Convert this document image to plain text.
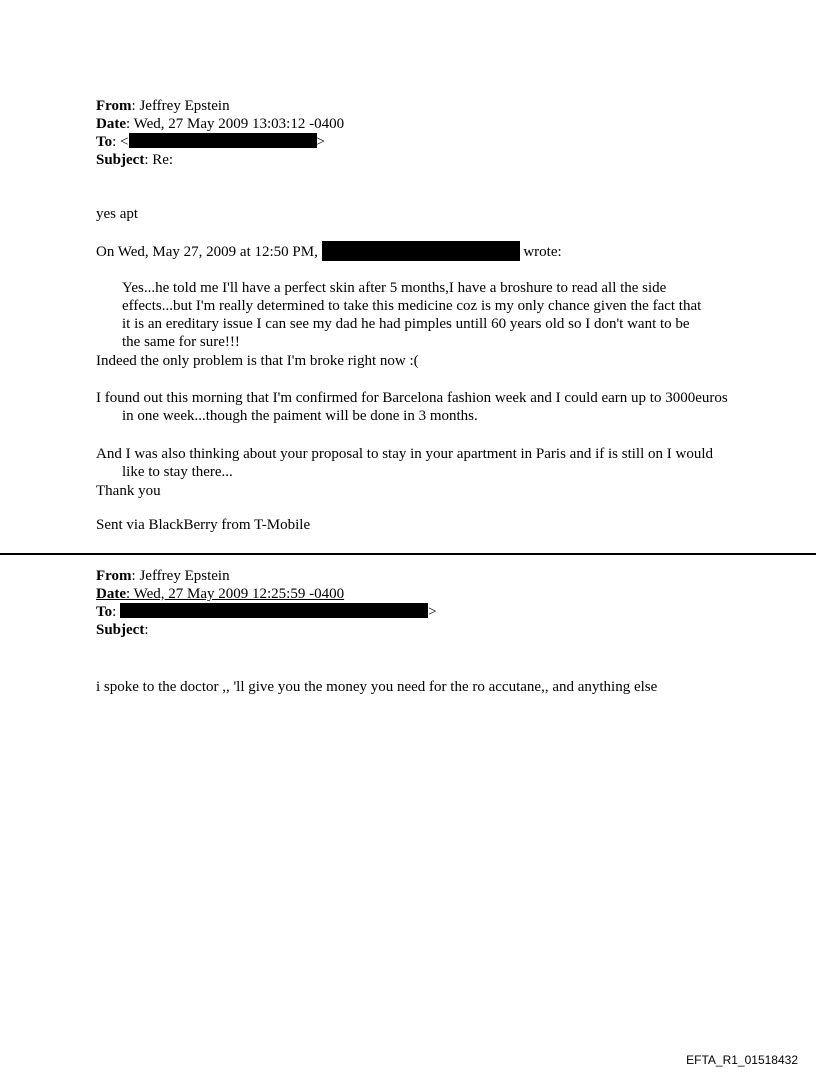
From: Jeffrey Epstein
Date: Wed, 27 May 2009 13:03:12 -0400
To: <	>
Subject: Re:
yes apt
On Wed, May 27, 2009 at 12:50 PM,	wrote:
Yes...he told me I'll have a perfect skin after 5 months,I have a broshure to read all the side effects...but I'm really determined to take this medicine coz is my only chance given the fact that it is an ereditary issue I can see my dad he had pimples untill 60 years old so I don't want to be the same for sure!!!
Indeed the only problem is that I'm broke right now :(
I found out this morning that I'm confirmed for Barcelona fashion week and I could earn up to 3000euros in one week...though the paiment will be done in 3 months.
And I was also thinking about your proposal to stay in your apartment in Paris and if is still on I would like to stay there...
Thank you
Sent via BlackBerry from T-Mobile
From: Jeffrey Epstein
Date: Wed, 27 May 2009 12:25:59 -0400
To:	>
Subject:
i spoke to the doctor ,, 'll give you the money you need for the ro accutane,, and anything else
EFTA_R1_01518432
